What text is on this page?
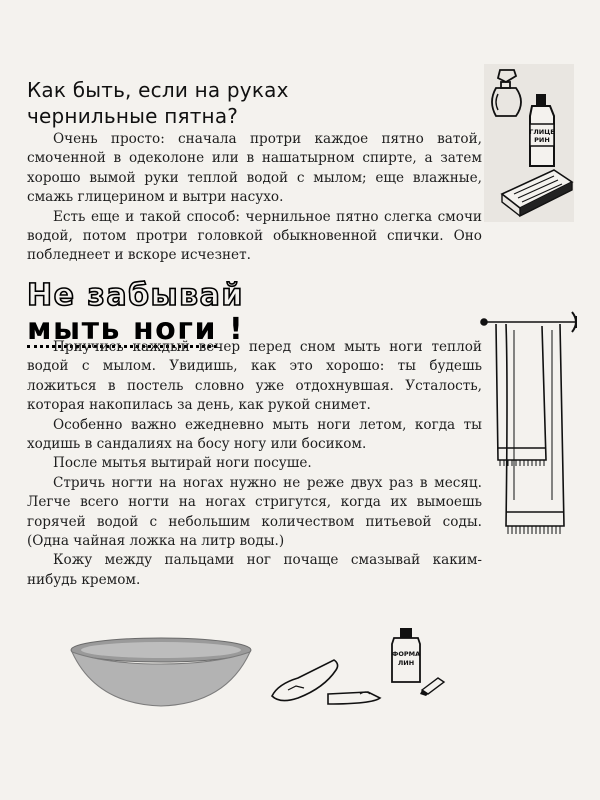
Как быть, если на руках
чернильные пятна?
ГЛИЦЕ
РИН

Очень просто: сначала протри каждое пятно ватой, смоченной в одеколоне или в нашатырном спирте, а затем хорошо вымой руки теплой водой с мылом; еще влажные, смажь глицерином и вытри насухо.

Есть еще и такой способ: чернильное пятно слегка смочи водой, потом протри головкой обыкновенной спички. Оно побледнеет и вскоре исчезнет.

Не забывай
мыть ноги !

Приучись каждый вечер перед сном мыть ноги теплой водой с мылом. Увидишь, как это хорошо: ты будешь ложиться в постель словно уже отдохнувшая. Усталость, которая накопилась за день, как рукой снимет.

Особенно важно ежедневно мыть ноги летом, когда ты ходишь в сандалиях на босу ногу или босиком.

После мытья вытирай ноги посуше.

Стричь ногти на ногах нужно не реже двух раз в месяц. Легче всего ногти на ногах стригутся, когда их вымоешь горячей водой с небольшим количеством питьевой соды. (Одна чайная ложка на литр воды.)

Кожу между пальцами ног почаще смазывай каким-нибудь кремом.

ФОРМА
ЛИН
